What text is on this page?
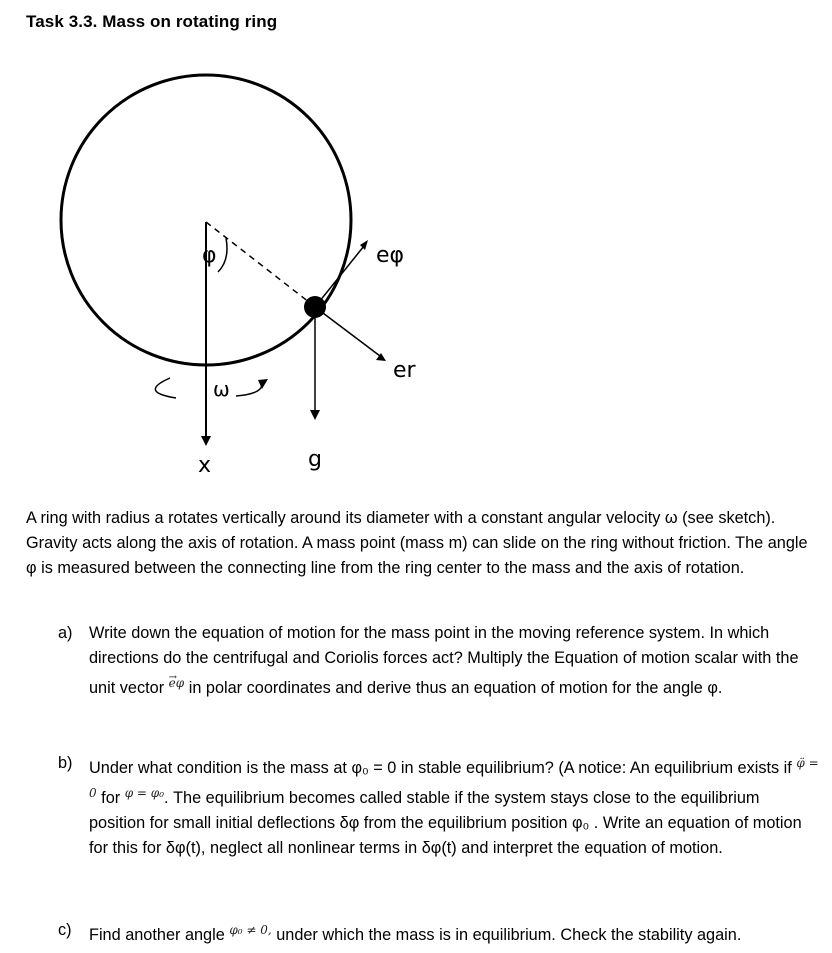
Task 3.3. Mass on rotating ring
φ	eφ
er
ω
x	g
A ring with radius a rotates vertically around its diameter with a constant angular velocity ω (see sketch). Gravity acts along the axis of rotation. A mass point (mass m) can slide on the ring without friction. The angle φ is measured between the connecting line from the ring center to the mass and the axis of rotation.
a) Write down the equation of motion for the mass point in the moving reference system. In which directions do the centrifugal and Coriolis forces act? Multiply the Equation of motion scalar with the unit vector → $^{e\varphi}$ in polar coordinates and derive thus an equation of motion for the angle φ.
b) Under what condition is the mass at φ₀ = 0 in stable equilibrium? (A notice: An equilibrium exists if $^{\varphï = 0}$ for $^{\varphi = \varphi_0}$. The equilibrium becomes called stable if the system stays close to the equilibrium position for small initial deflections δφ from the equilibrium position φ₀ . Write an equation of motion for this for δφ(t), neglect all nonlinear terms in δφ(t) and interpret the equation of motion.
c) Find another angle $^{\varphi_0 \ne 0,}$ under which the mass is in equilibrium. Check the stability again.
